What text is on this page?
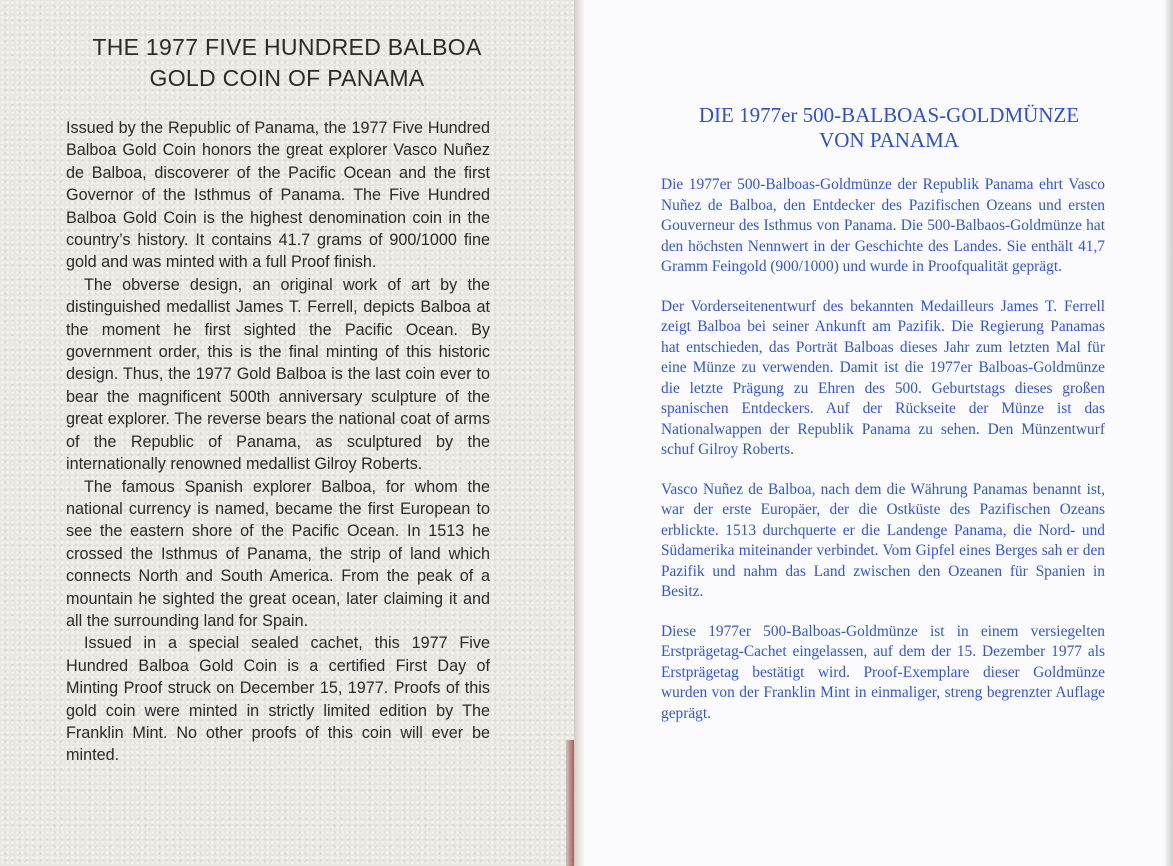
THE 1977 FIVE HUNDRED BALBOA
GOLD COIN OF PANAMA

Issued by the Republic of Panama, the 1977 Five Hundred Balboa Gold Coin honors the great explorer Vasco Nuñez de Balboa, discoverer of the Pacific Ocean and the first Governor of the Isthmus of Panama. The Five Hundred Balboa Gold Coin is the highest denomination coin in the country’s history. It contains 41.7 grams of 900/1000 fine gold and was minted with a full Proof finish.

The obverse design, an original work of art by the distinguished medallist James T. Ferrell, depicts Balboa at the moment he first sighted the Pacific Ocean. By government order, this is the final minting of this historic design. Thus, the 1977 Gold Balboa is the last coin ever to bear the magnificent 500th anniversary sculpture of the great explorer. The reverse bears the national coat of arms of the Republic of Panama, as sculptured by the internationally renowned medallist Gilroy Roberts.

The famous Spanish explorer Balboa, for whom the national currency is named, became the first European to see the eastern shore of the Pacific Ocean. In 1513 he crossed the Isthmus of Panama, the strip of land which connects North and South America. From the peak of a mountain he sighted the great ocean, later claiming it and all the surrounding land for Spain.

Issued in a special sealed cachet, this 1977 Five Hundred Balboa Gold Coin is a certified First Day of Minting Proof struck on December 15, 1977. Proofs of this gold coin were minted in strictly limited edition by The Franklin Mint. No other proofs of this coin will ever be minted.

DIE 1977er 500-BALBOAS-GOLDMÜNZE
VON PANAMA

Die 1977er 500-Balboas-Goldmünze der Republik Panama ehrt Vasco Nuñez de Balboa, den Entdecker des Pazifischen Ozeans und ersten Gouverneur des Isthmus von Panama. Die 500-Balbaos-Goldmünze hat den höchsten Nennwert in der Geschichte des Landes. Sie enthält 41,7 Gramm Feingold (900/1000) und wurde in Proofqualität geprägt.

Der Vorderseitenentwurf des bekannten Medailleurs James T. Ferrell zeigt Balboa bei seiner Ankunft am Pazifik. Die Regierung Panamas hat entschieden, das Porträt Balboas dieses Jahr zum letzten Mal für eine Münze zu verwenden. Damit ist die 1977er Balboas-Goldmünze die letzte Prägung zu Ehren des 500. Geburtstags dieses großen spanischen Entdeckers. Auf der Rückseite der Münze ist das Nationalwappen der Republik Panama zu sehen. Den Münzentwurf schuf Gilroy Roberts.

Vasco Nuñez de Balboa, nach dem die Währung Panamas benannt ist, war der erste Europäer, der die Ostküste des Pazifischen Ozeans erblickte. 1513 durchquerte er die Landenge Panama, die Nord- und Südamerika miteinander verbindet. Vom Gipfel eines Berges sah er den Pazifik und nahm das Land zwischen den Ozeanen für Spanien in Besitz.

Diese 1977er 500-Balboas-Goldmünze ist in einem versiegelten Erstprägetag-Cachet eingelassen, auf dem der 15. Dezember 1977 als Erstprägetag bestätigt wird. Proof-Exemplare dieser Goldmünze wurden von der Franklin Mint in einmaliger, streng begrenzter Auflage geprägt.
